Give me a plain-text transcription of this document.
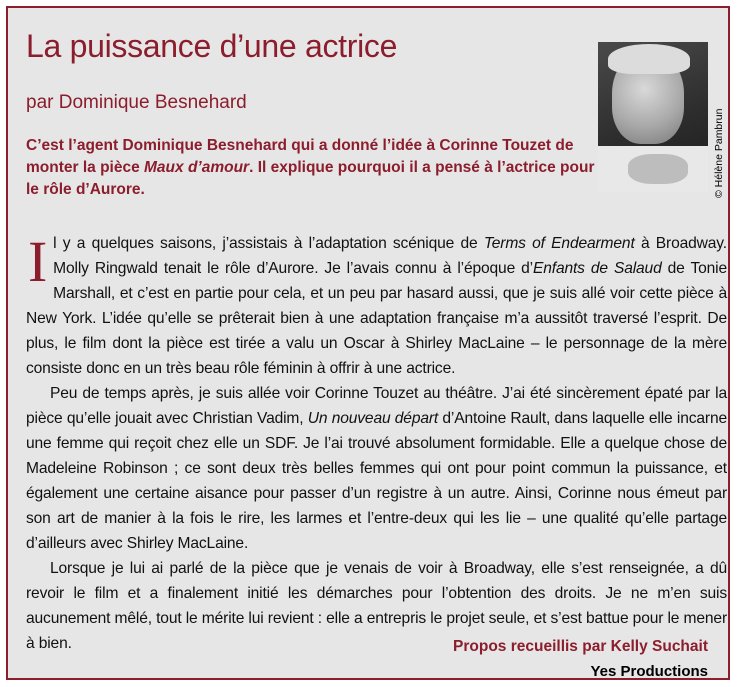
La puissance d’une actrice
par Dominique Besnehard
C’est l’agent Dominique Besnehard qui a donné l’idée à Corinne Touzet de monter la pièce Maux d’amour. Il explique pourquoi il a pensé à l’actrice pour le rôle d’Aurore.	© Hélène Pambrun

Il y a quelques saisons, j’assistais à l’adaptation scénique de Terms of Endearment à Broadway. Molly Ringwald tenait le rôle d’Aurore. Je l’avais connu à l’époque d’Enfants de Salaud de Tonie Marshall, et c’est en partie pour cela, et un peu par hasard aussi, que je suis allé voir cette pièce à New York. L’idée qu’elle se prêterait bien à une adaptation française m’a aussitôt traversé l’esprit. De plus, le film dont la pièce est tirée a valu un Oscar à Shirley MacLaine – le personnage de la mère consiste donc en un très beau rôle féminin à offrir à une actrice.

Peu de temps après, je suis allée voir Corinne Touzet au théâtre. J’ai été sincèrement épaté par la pièce qu’elle jouait avec Christian Vadim, Un nouveau départ d’Antoine Rault, dans laquelle elle incarne une femme qui reçoit chez elle un SDF. Je l’ai trouvé absolument formidable. Elle a quelque chose de Madeleine Robinson ; ce sont deux très belles femmes qui ont pour point commun la puissance, et également une certaine aisance pour passer d’un registre à un autre. Ainsi, Corinne nous émeut par son art de manier à la fois le rire, les larmes et l’entre-deux qui les lie – une qualité qu’elle partage d’ailleurs avec Shirley MacLaine.

Lorsque je lui ai parlé de la pièce que je venais de voir à Broadway, elle s’est renseignée, a dû revoir le film et a finalement initié les démarches pour l’obtention des droits. Je ne m’en suis aucunement mêlé, tout le mérite lui revient : elle a entrepris le projet seule, et s’est battue pour le mener à bien.	Propos recueillis par Kelly Suchait
Yes Productions
